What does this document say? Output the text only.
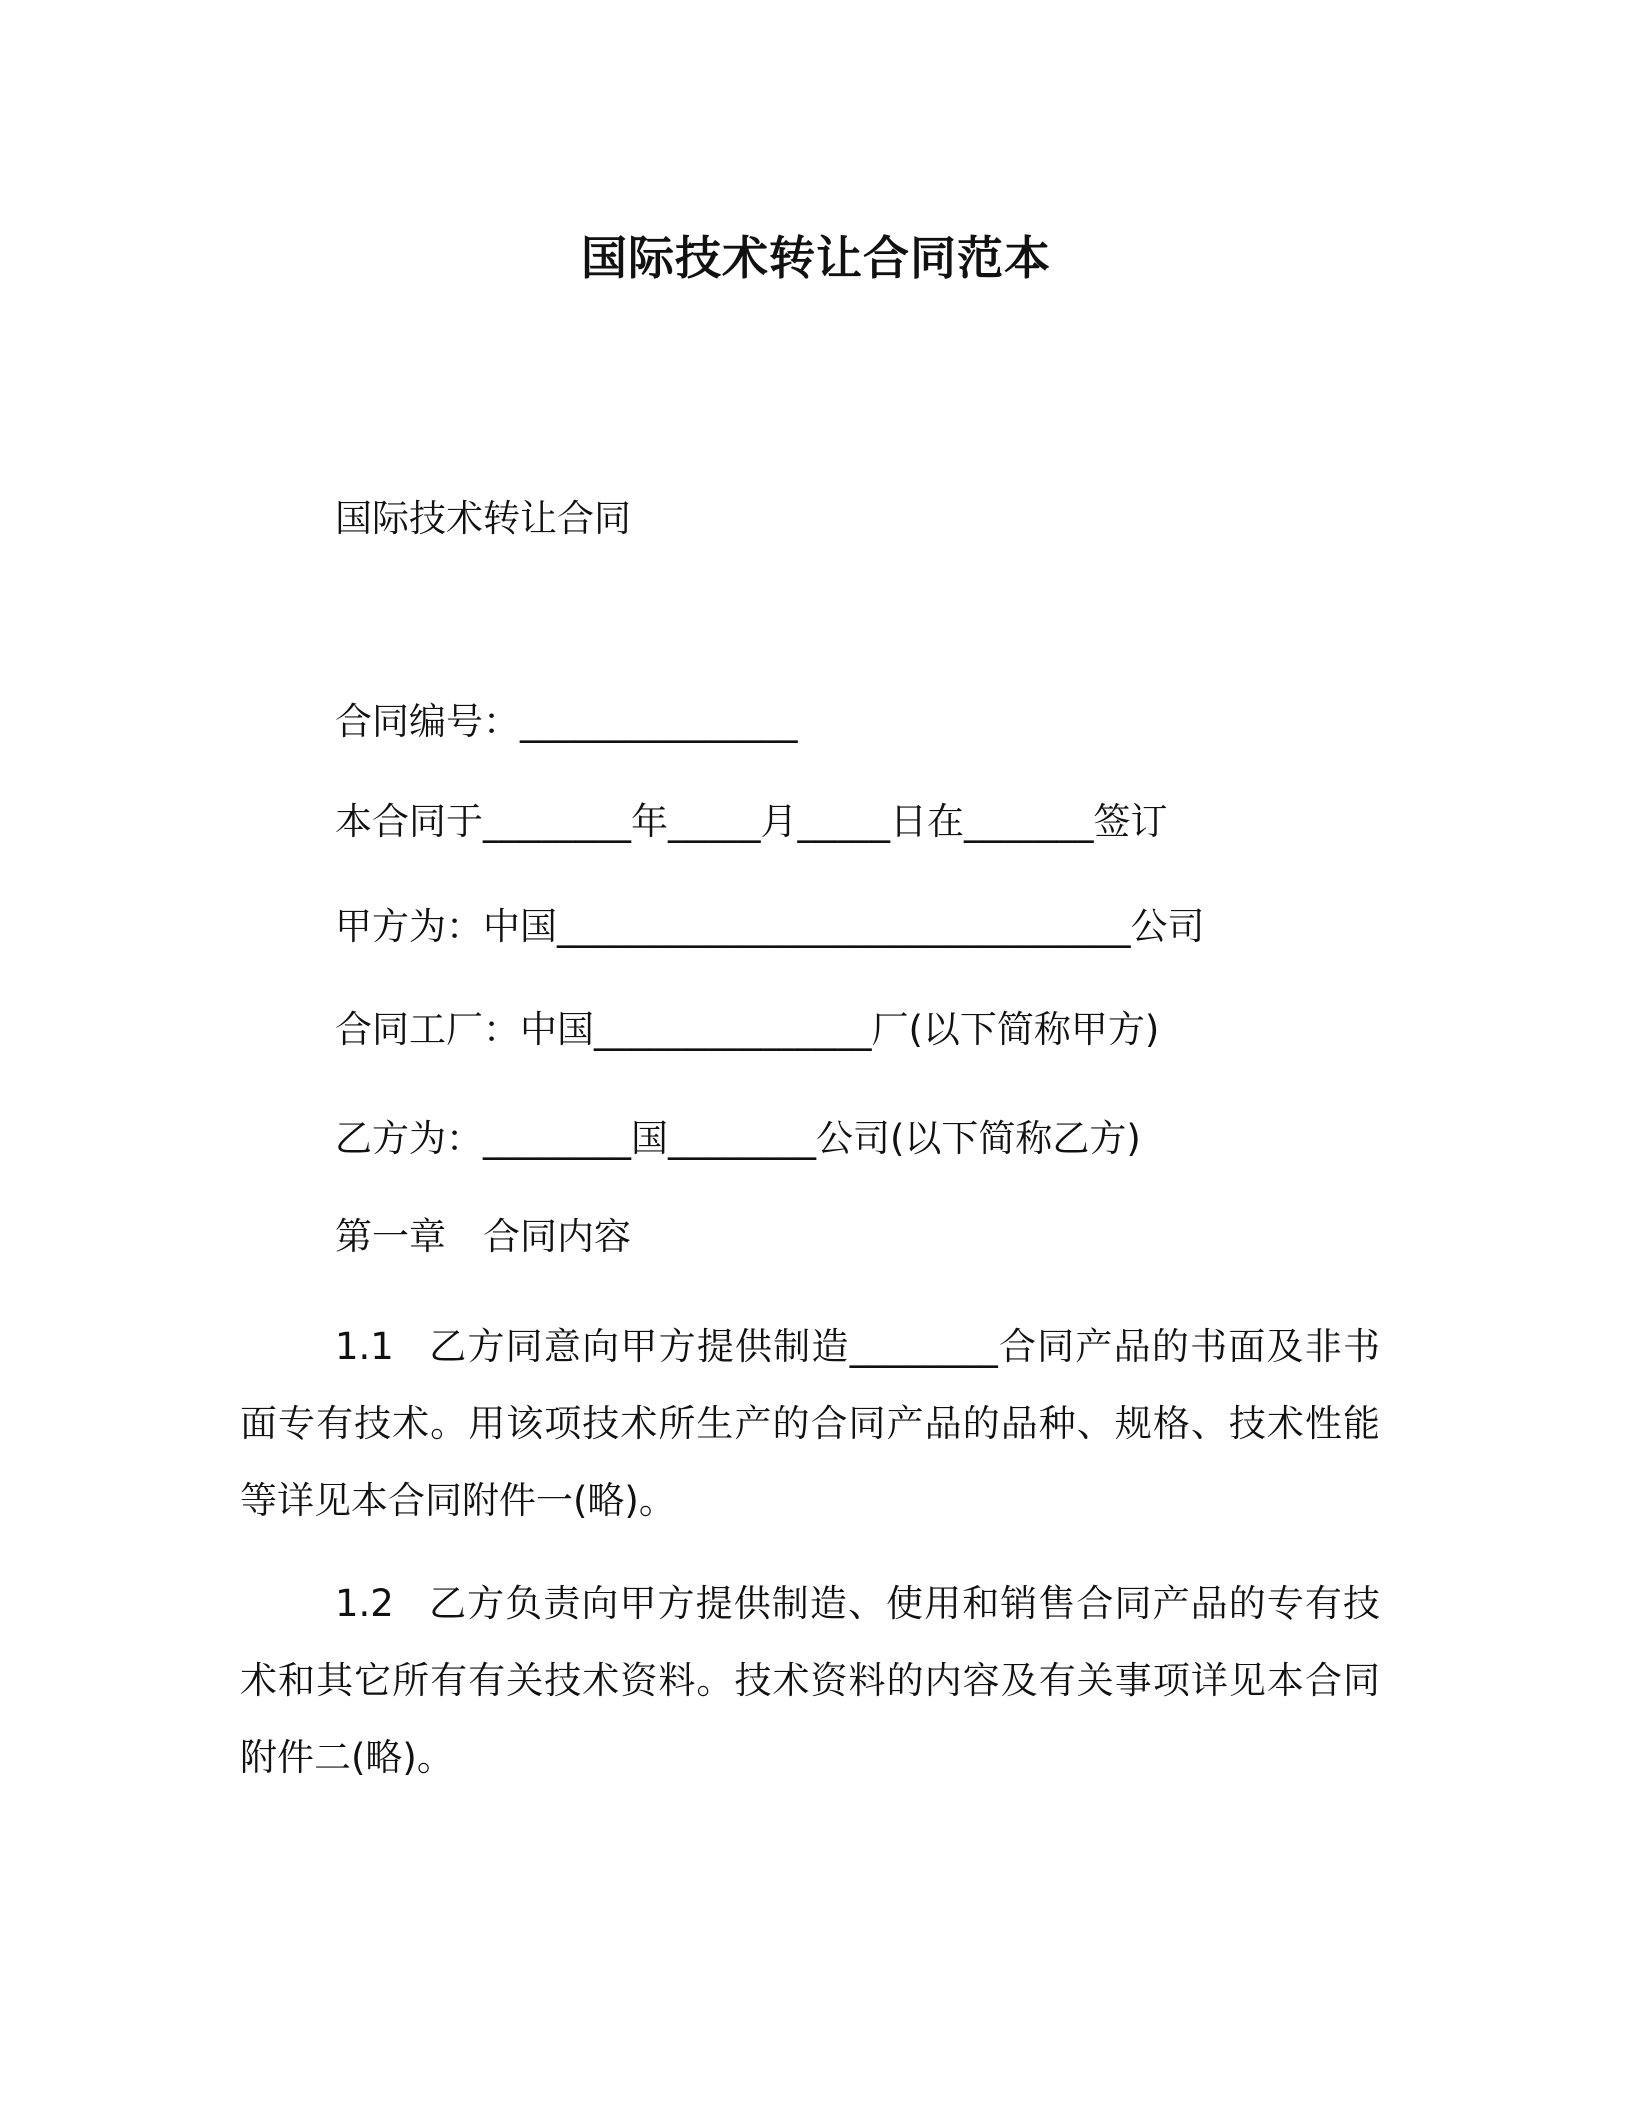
国际技术转让合同范本
国际技术转让合同
合同编号：_______________
本合同于________年_____月_____日在_______签订
甲方为：中国_______________________________公司
合同工厂：中国_______________厂(以下简称甲方)
乙方为：________国________公司(以下简称乙方)
第一章　合同内容
1.1 乙方同意向甲方提供制造________合同产品的书面及非书面专有技术。用该项技术所生产的合同产品的品种、规格、技术性能等详见本合同附件一(略)。
1.2 乙方负责向甲方提供制造、使用和销售合同产品的专有技术和其它所有有关技术资料。技术资料的内容及有关事项详见本合同附件二(略)。
